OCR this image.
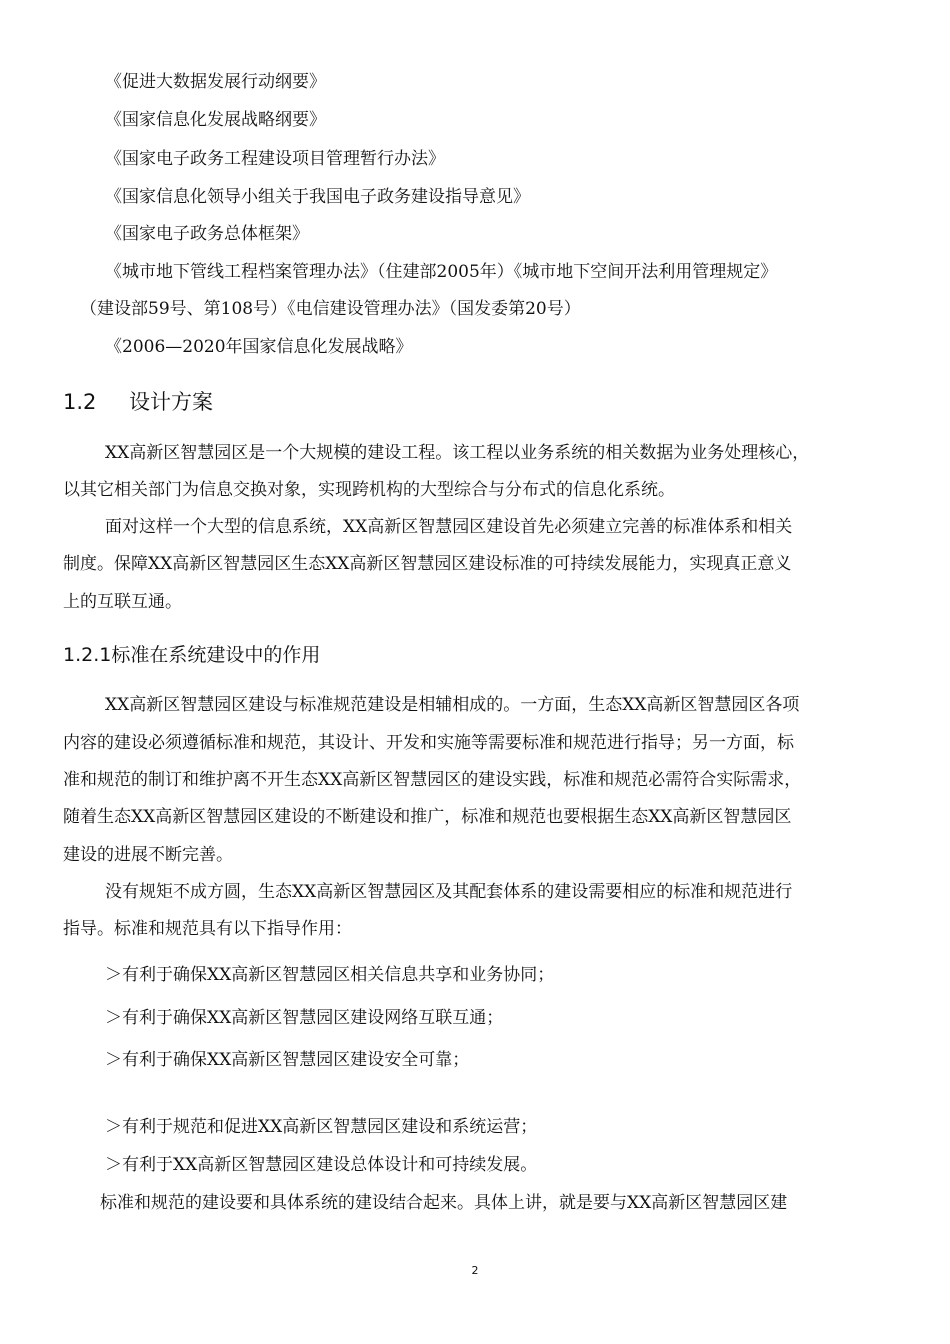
《促进大数据发展行动纲要》
《国家信息化发展战略纲要》
《国家电子政务工程建设项目管理暂行办法》
《国家信息化领导小组关于我国电子政务建设指导意见》
《国家电子政务总体框架》
《城市地下管线工程档案管理办法》（住建部2005年）《城市地下空间开法利用管理规定》
（建设部59号、第108号）《电信建设管理办法》（国发委第20号）
《2006—2020年国家信息化发展战略》
1.2 设计方案
XX高新区智慧园区是一个大规模的建设工程。该工程以业务系统的相关数据为业务处理核心，
以其它相关部门为信息交换对象，实现跨机构的大型综合与分布式的信息化系统。
面对这样一个大型的信息系统，XX高新区智慧园区建设首先必须建立完善的标准体系和相关
制度。保障XX高新区智慧园区生态XX高新区智慧园区建设标准的可持续发展能力，实现真正意义
上的互联互通。
1.2.1标准在系统建设中的作用
XX高新区智慧园区建设与标准规范建设是相辅相成的。一方面，生态XX高新区智慧园区各项
内容的建设必须遵循标准和规范，其设计、开发和实施等需要标准和规范进行指导；另一方面，标
准和规范的制订和维护离不开生态XX高新区智慧园区的建设实践，标准和规范必需符合实际需求，
随着生态XX高新区智慧园区建设的不断建设和推广，标准和规范也要根据生态XX高新区智慧园区
建设的进展不断完善。
没有规矩不成方圆，生态XX高新区智慧园区及其配套体系的建设需要相应的标准和规范进行
指导。标准和规范具有以下指导作用：
＞有利于确保XX高新区智慧园区相关信息共享和业务协同；
＞有利于确保XX高新区智慧园区建设网络互联互通；
＞有利于确保XX高新区智慧园区建设安全可靠；
＞有利于规范和促进XX高新区智慧园区建设和系统运营；
＞有利于XX高新区智慧园区建设总体设计和可持续发展。
标准和规范的建设要和具体系统的建设结合起来。具体上讲，就是要与XX高新区智慧园区建
2
